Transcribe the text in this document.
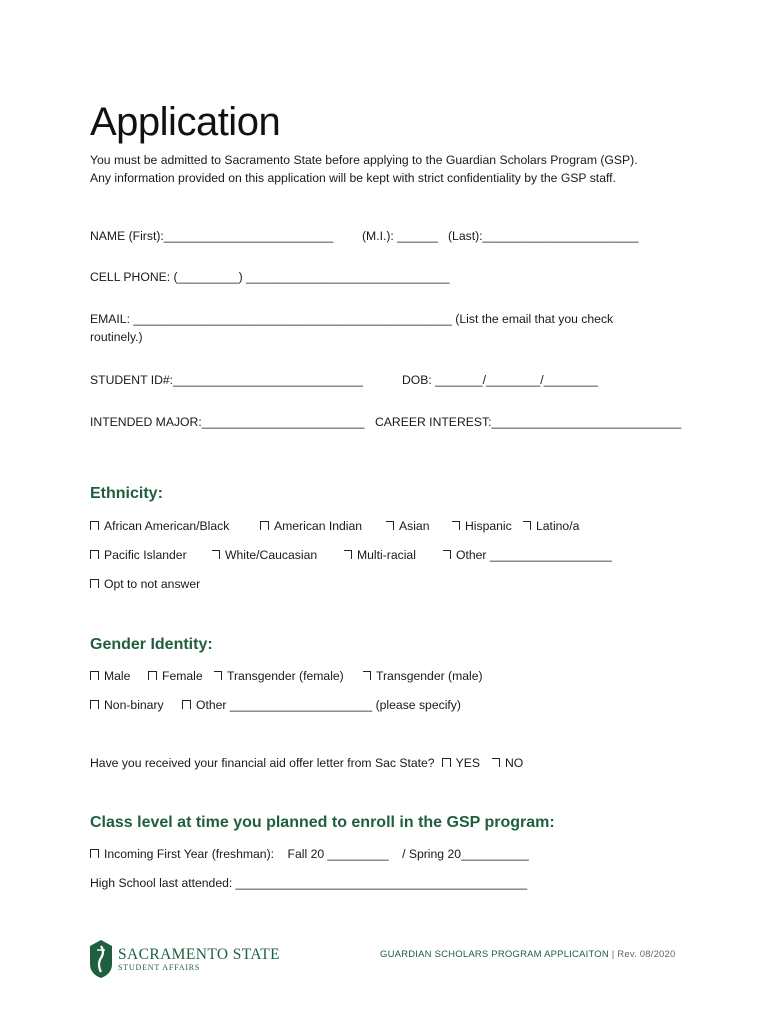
Application
You must be admitted to Sacramento State before applying to the Guardian Scholars Program (GSP).
Any information provided on this application will be kept with strict confidentiality by the GSP staff.
NAME (First):_________________________ (M.I.): ______ (Last):_______________________
CELL PHONE: (_________) ______________________________
EMAIL: _______________________________________________ (List the email that you check
routinely.)
STUDENT ID#:____________________________	DOB: _______/________/________
INTENDED MAJOR:________________________ CAREER INTEREST:____________________________
Ethnicity:
African American/Black	American Indian	Asian	Hispanic Latino/a
Pacific Islander	White/Caucasian	Multi-racial	Other __________________
Opt to not answer
Gender Identity:
Male	Female Transgender (female)	Transgender (male)
Non-binary	Other _____________________ (please specify)
Have you received your financial aid offer letter from Sac State? YES NO
Class level at time you planned to enroll in the GSP program:
Incoming First Year (freshman):    Fall 20 _________    / Spring 20__________
High School last attended: ___________________________________________
SACRAMENTO STATE
STUDENT AFFAIRS
GUARDIAN SCHOLARS PROGRAM APPLICAITON | Rev. 08/2020
